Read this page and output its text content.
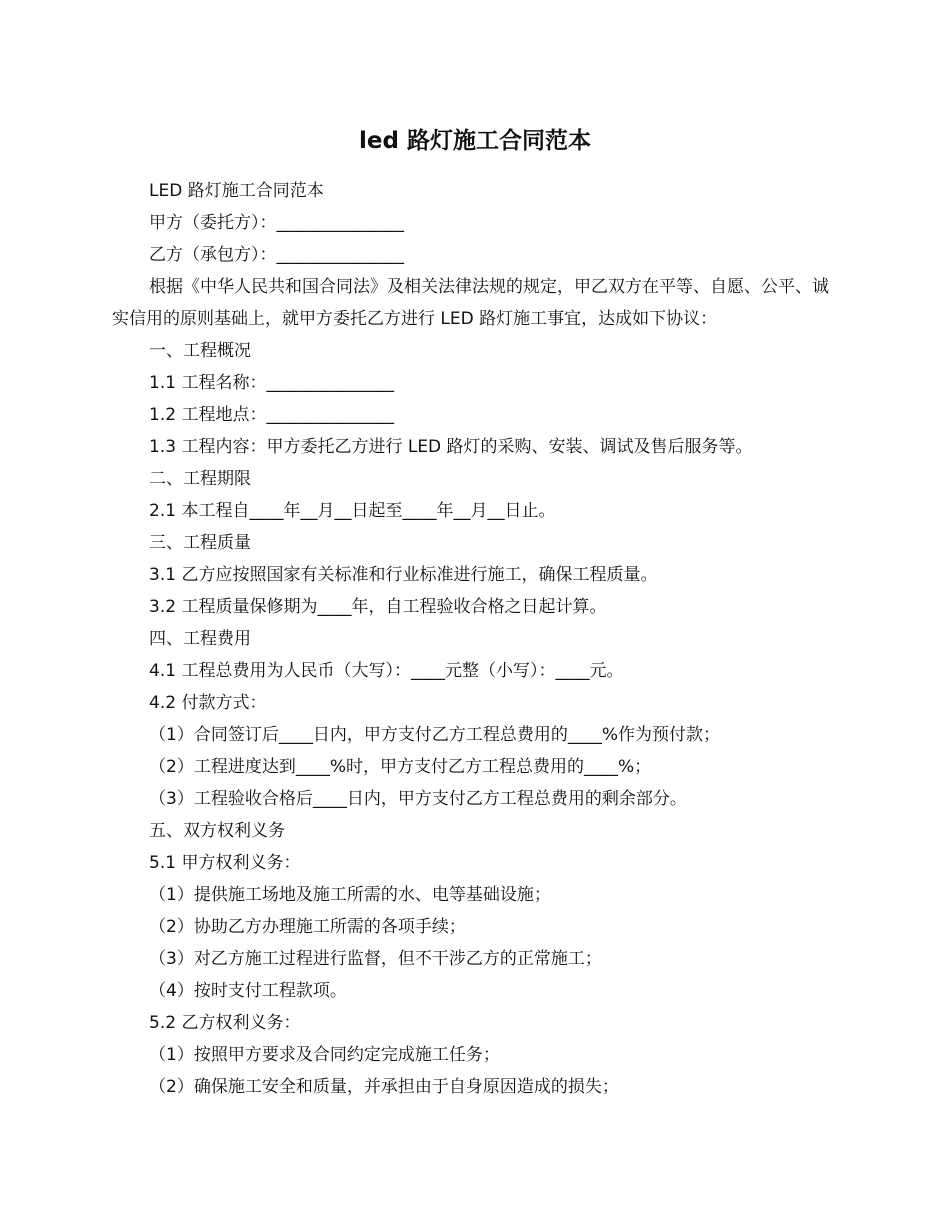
led 路灯施工合同范本

LED 路灯施工合同范本

甲方（委托方）：_______________

乙方（承包方）：_______________

根据《中华人民共和国合同法》及相关法律法规的规定，甲乙双方在平等、自愿、公平、诚实信用的原则基础上，就甲方委托乙方进行 LED 路灯施工事宜，达成如下协议：

一、工程概况

1.1 工程名称：_______________

1.2 工程地点：_______________

1.3 工程内容：甲方委托乙方进行 LED 路灯的采购、安装、调试及售后服务等。

二、工程期限

2.1 本工程自____年__月__日起至____年__月__日止。

三、工程质量

3.1 乙方应按照国家有关标准和行业标准进行施工，确保工程质量。

3.2 工程质量保修期为____年，自工程验收合格之日起计算。

四、工程费用

4.1 工程总费用为人民币（大写）：____元整（小写）：____元。

4.2 付款方式：

（1）合同签订后____日内，甲方支付乙方工程总费用的____%作为预付款；

（2）工程进度达到____%时，甲方支付乙方工程总费用的____%；

（3）工程验收合格后____日内，甲方支付乙方工程总费用的剩余部分。

五、双方权利义务

5.1 甲方权利义务：

（1）提供施工场地及施工所需的水、电等基础设施；

（2）协助乙方办理施工所需的各项手续；

（3）对乙方施工过程进行监督，但不干涉乙方的正常施工；

（4）按时支付工程款项。

5.2 乙方权利义务：

（1）按照甲方要求及合同约定完成施工任务；

（2）确保施工安全和质量，并承担由于自身原因造成的损失；
